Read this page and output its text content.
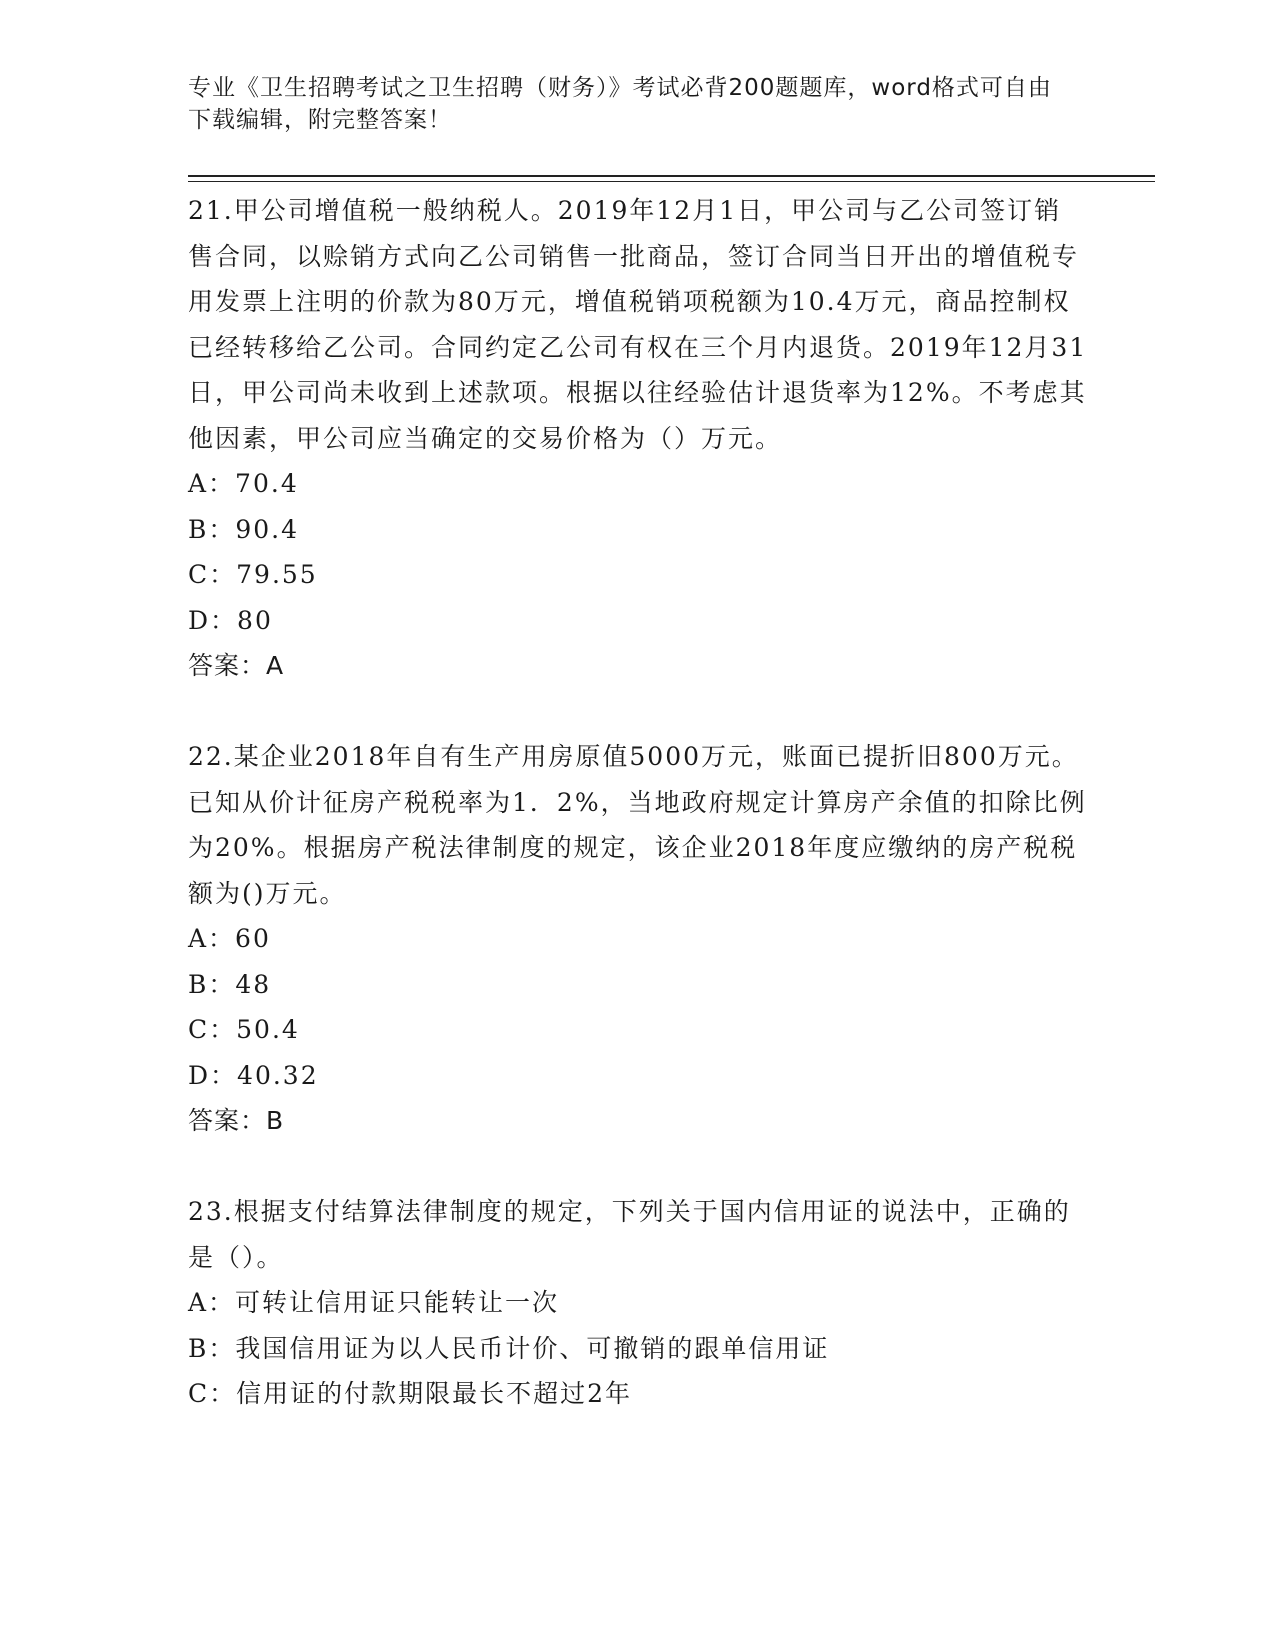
专业《卫生招聘考试之卫生招聘（财务）》考试必背200题题库，word格式可自由下载编辑，附完整答案！

21.甲公司增值税一般纳税人。2019年12月1日，甲公司与乙公司签订销售合同，以赊销方式向乙公司销售一批商品，签订合同当日开出的增值税专用发票上注明的价款为80万元，增值税销项税额为10.4万元，商品控制权已经转移给乙公司。合同约定乙公司有权在三个月内退货。2019年12月31日，甲公司尚未收到上述款项。根据以往经验估计退货率为12%。不考虑其他因素，甲公司应当确定的交易价格为（）万元。

A：70.4

B：90.4

C：79.55

D：80

答案：A

22.某企业2018年自有生产用房原值5000万元，账面已提折旧800万元。已知从价计征房产税税率为1．2%，当地政府规定计算房产余值的扣除比例为20%。根据房产税法律制度的规定，该企业2018年度应缴纳的房产税税额为()万元。

A：60

B：48

C：50.4

D：40.32

答案：B

23.根据支付结算法律制度的规定，下列关于国内信用证的说法中，正确的是（）。

A：可转让信用证只能转让一次

B：我国信用证为以人民币计价、可撤销的跟单信用证

C：信用证的付款期限最长不超过2年
